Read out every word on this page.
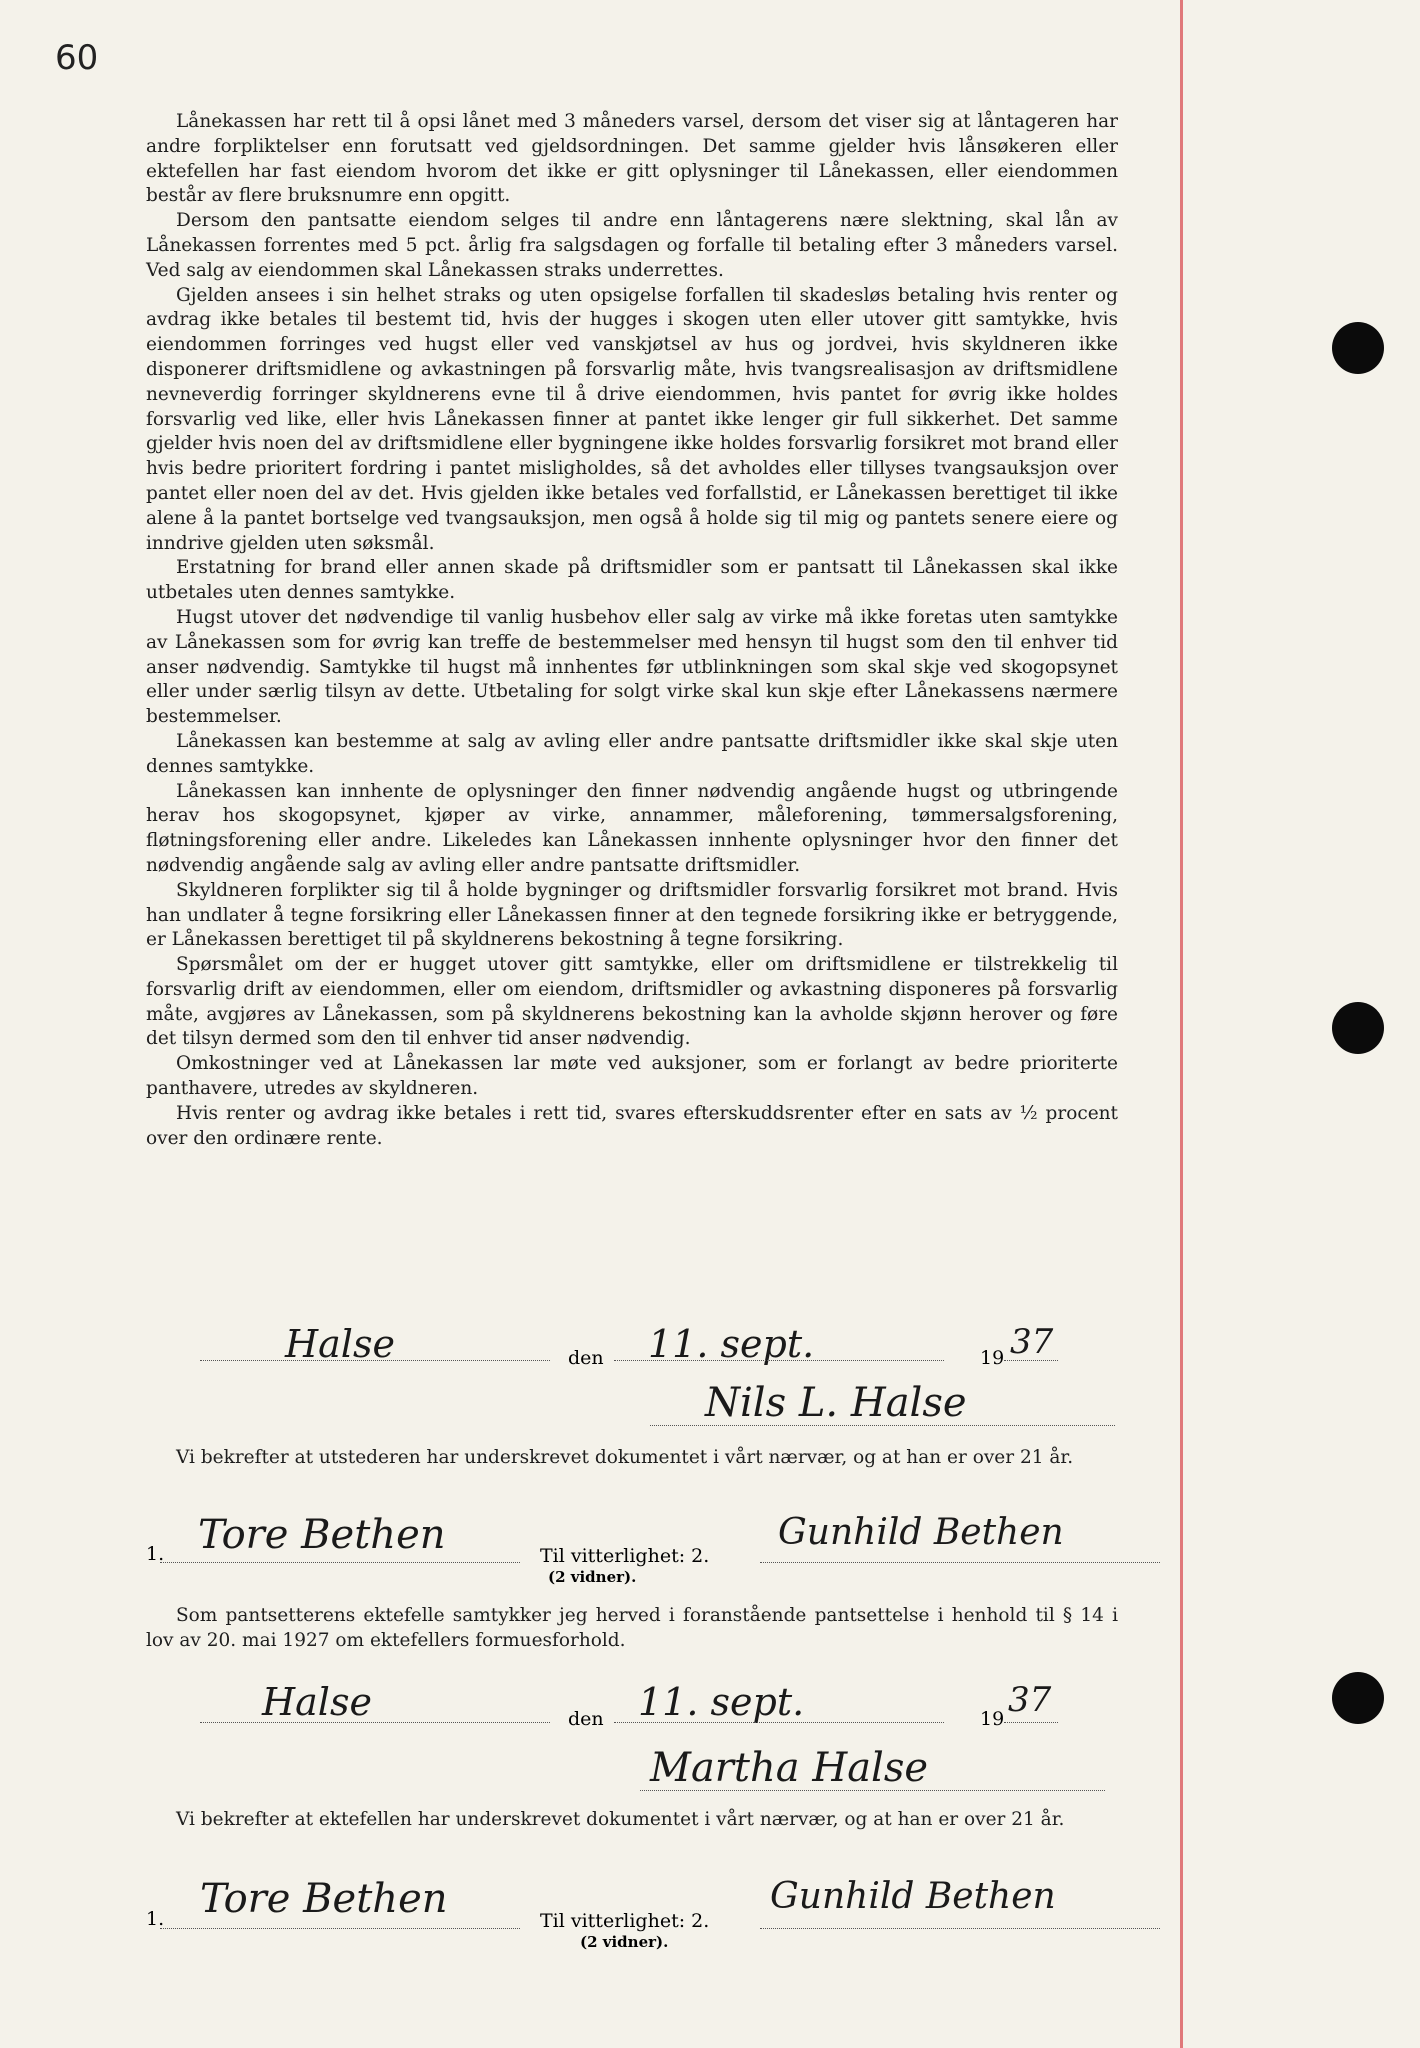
60

Lånekassen har rett til å opsi lånet med 3 måneders varsel, dersom det viser sig at låntageren har andre forpliktelser enn forutsatt ved gjeldsordningen. Det samme gjelder hvis lånsøkeren eller ektefellen har fast eiendom hvorom det ikke er gitt oplysninger til Lånekassen, eller eiendommen består av flere bruksnumre enn opgitt.

Dersom den pantsatte eiendom selges til andre enn låntagerens nære slektning, skal lån av Lånekassen forrentes med 5 pct. årlig fra salgsdagen og forfalle til betaling efter 3 måneders varsel. Ved salg av eiendommen skal Lånekassen straks underrettes.

Gjelden ansees i sin helhet straks og uten opsigelse forfallen til skadesløs betaling hvis renter og avdrag ikke betales til bestemt tid, hvis der hugges i skogen uten eller utover gitt samtykke, hvis eiendommen forringes ved hugst eller ved vanskjøtsel av hus og jordvei, hvis skyldneren ikke disponerer driftsmidlene og avkastningen på forsvarlig måte, hvis tvangsrealisasjon av driftsmidlene nevneverdig forringer skyldnerens evne til å drive eiendommen, hvis pantet for øvrig ikke holdes forsvarlig ved like, eller hvis Lånekassen finner at pantet ikke lenger gir full sikkerhet. Det samme gjelder hvis noen del av driftsmidlene eller bygningene ikke holdes forsvarlig forsikret mot brand eller hvis bedre prioritert fordring i pantet misligholdes, så det avholdes eller tillyses tvangsauksjon over pantet eller noen del av det. Hvis gjelden ikke betales ved forfallstid, er Lånekassen berettiget til ikke alene å la pantet bortselge ved tvangsauksjon, men også å holde sig til mig og pantets senere eiere og inndrive gjelden uten søksmål.

Erstatning for brand eller annen skade på driftsmidler som er pantsatt til Lånekassen skal ikke utbetales uten dennes samtykke.

Hugst utover det nødvendige til vanlig husbehov eller salg av virke må ikke foretas uten samtykke av Lånekassen som for øvrig kan treffe de bestemmelser med hensyn til hugst som den til enhver tid anser nødvendig. Samtykke til hugst må innhentes før utblinkningen som skal skje ved skogopsynet eller under særlig tilsyn av dette. Utbetaling for solgt virke skal kun skje efter Lånekassens nærmere bestemmelser.

Lånekassen kan bestemme at salg av avling eller andre pantsatte driftsmidler ikke skal skje uten dennes samtykke.

Lånekassen kan innhente de oplysninger den finner nødvendig angående hugst og utbringende herav hos skogopsynet, kjøper av virke, annammer, måleforening, tømmersalgsforening, fløtningsforening eller andre. Likeledes kan Lånekassen innhente oplysninger hvor den finner det nødvendig angående salg av avling eller andre pantsatte driftsmidler.

Skyldneren forplikter sig til å holde bygninger og driftsmidler forsvarlig forsikret mot brand. Hvis han undlater å tegne forsikring eller Lånekassen finner at den tegnede forsikring ikke er betryggende, er Lånekassen berettiget til på skyldnerens bekostning å tegne forsikring.

Spørsmålet om der er hugget utover gitt samtykke, eller om driftsmidlene er tilstrekkelig til forsvarlig drift av eiendommen, eller om eiendom, driftsmidler og avkastning disponeres på forsvarlig måte, avgjøres av Lånekassen, som på skyldnerens bekostning kan la avholde skjønn herover og føre det tilsyn dermed som den til enhver tid anser nødvendig.

Omkostninger ved at Lånekassen lar møte ved auksjoner, som er forlangt av bedre prioriterte panthavere, utredes av skyldneren.

Hvis renter og avdrag ikke betales i rett tid, svares efterskuddsrenter efter en sats av ½ procent over den ordinære rente.

Halse	den 11. sept.	19 37
Nils L. Halse
Vi bekrefter at utstederen har underskrevet dokumentet i vårt nærvær, og at han er over 21 år.
1. Tore Bethen	Til vitterlighet: 2.
Gunhild Bethen
(2 vidner).
Som pantsetterens ektefelle samtykker jeg herved i foranstående pantsettelse i henhold til § 14 i lov av 20. mai 1927 om ektefellers formuesforhold.
Halse	den 11. sept.	19 37
Martha Halse
Vi bekrefter at ektefellen har underskrevet dokumentet i vårt nærvær, og at han er over 21 år.
1. Tore Bethen	Til vitterlighet: 2.
Gunhild Bethen
(2 vidner).
